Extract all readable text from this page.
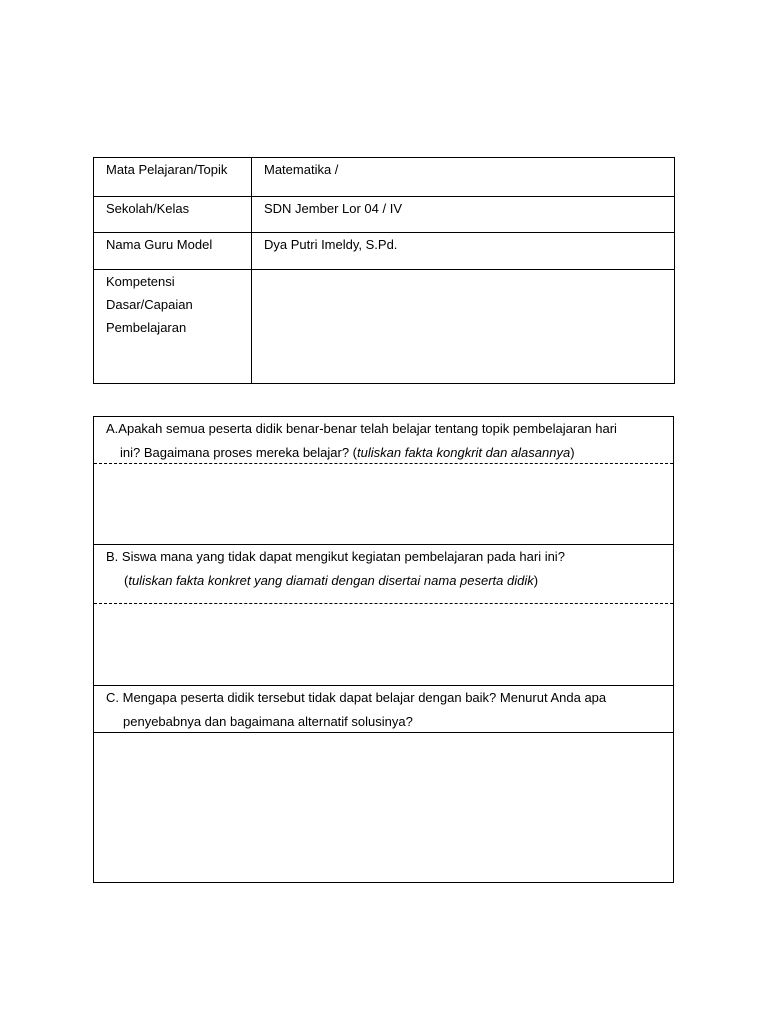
Mata Pelajaran/Topik	Matematika /
Sekolah/Kelas	SDN Jember Lor 04 / IV
Nama Guru Model	Dya Putri Imeldy, S.Pd.

Kompetensi
Dasar/Capaian
Pembelajaran	

A.Apakah semua peserta didik benar-benar telah belajar tentang topik pembelajaran hari
ini? Bagaimana proses mereka belajar? (tuliskan fakta kongkrit dan alasannya)
B. Siswa mana yang tidak dapat mengikut kegiatan pembelajaran pada hari ini?
(tuliskan fakta konkret yang diamati dengan disertai nama peserta didik)
C. Mengapa peserta didik tersebut tidak dapat belajar dengan baik? Menurut Anda apa
penyebabnya dan bagaimana alternatif solusinya?
